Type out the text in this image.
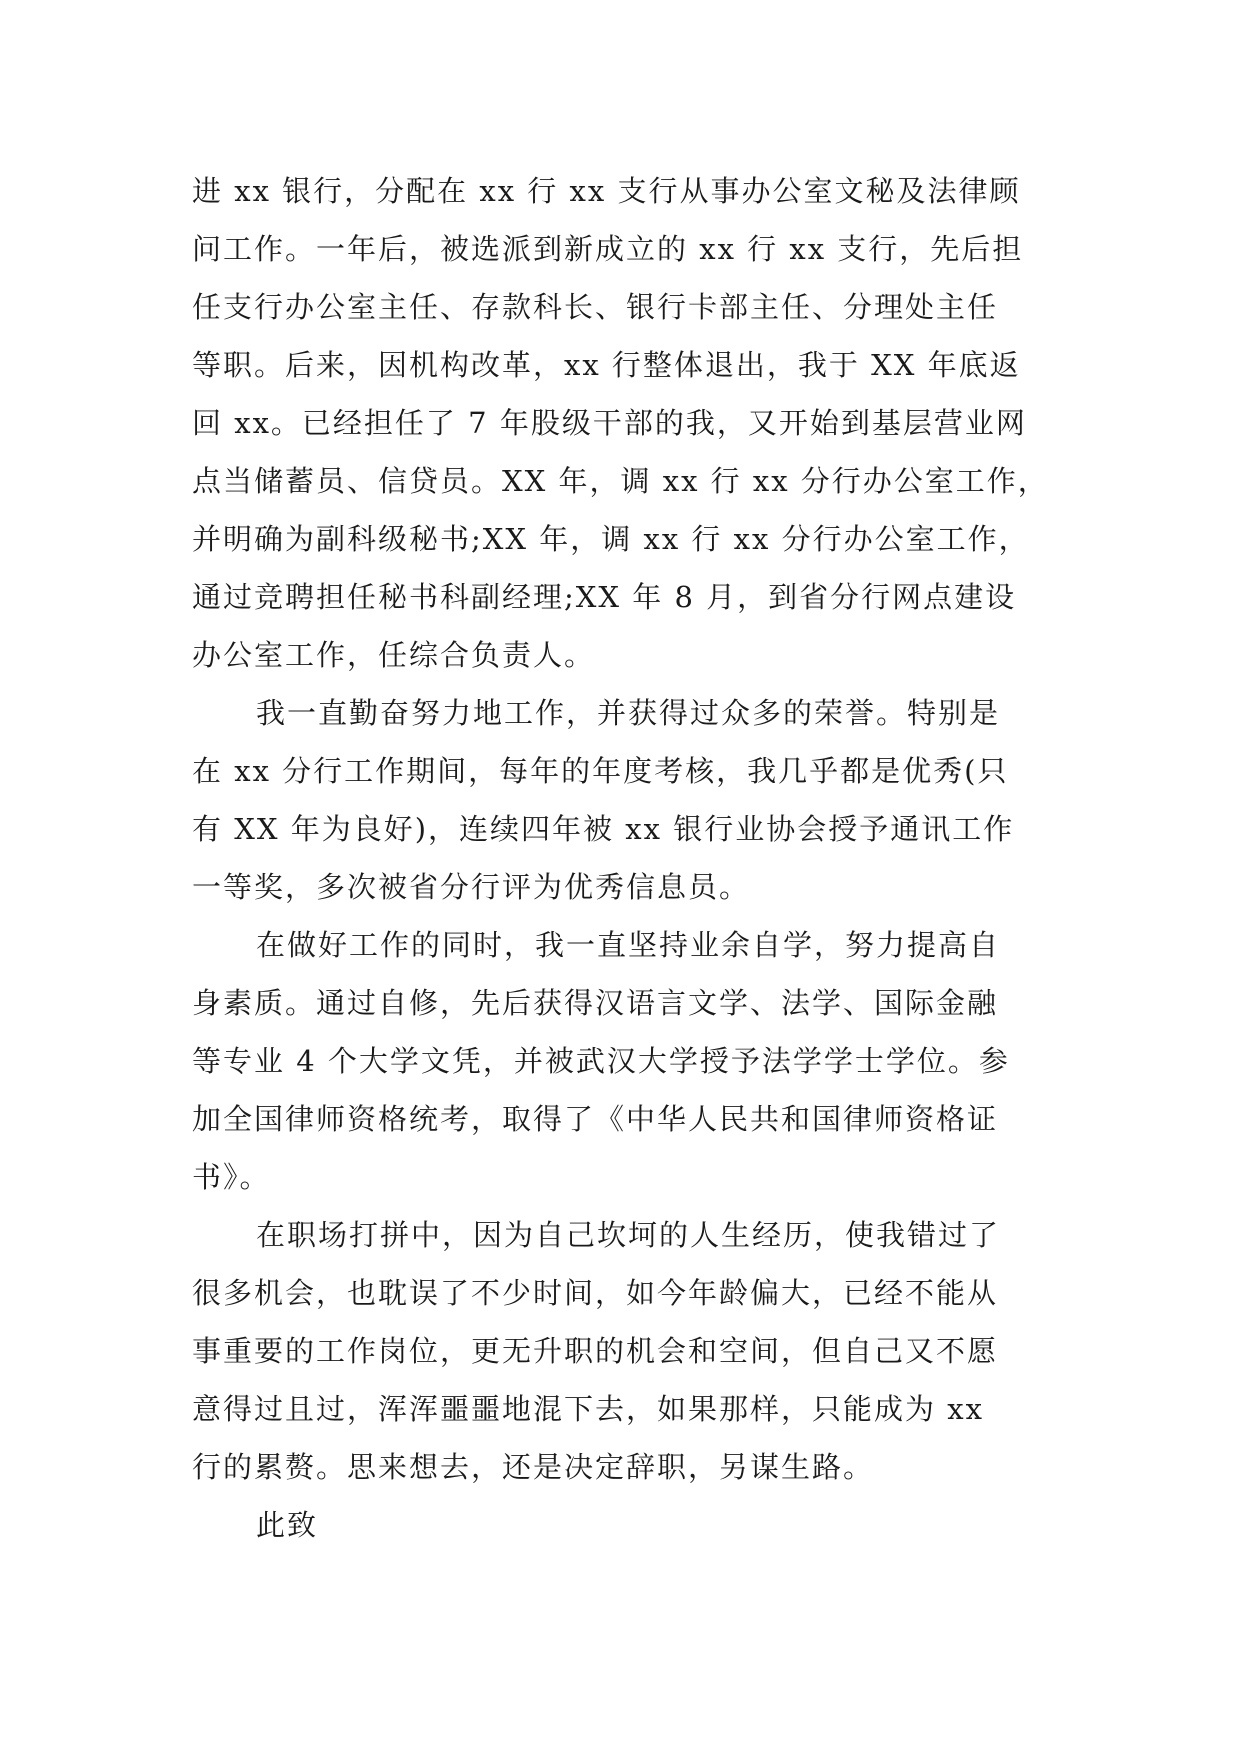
进 xx 银行，分配在 xx 行 xx 支行从事办公室文秘及法律顾
问工作。一年后，被选派到新成立的 xx 行 xx 支行，先后担
任支行办公室主任、存款科长、银行卡部主任、分理处主任
等职。后来，因机构改革，xx 行整体退出，我于 XX 年底返
回 xx。已经担任了 7 年股级干部的我，又开始到基层营业网
点当储蓄员、信贷员。XX 年，调 xx 行 xx 分行办公室工作，
并明确为副科级秘书;XX 年，调 xx 行 xx 分行办公室工作，
通过竞聘担任秘书科副经理;XX 年 8 月，到省分行网点建设
办公室工作，任综合负责人。
我一直勤奋努力地工作，并获得过众多的荣誉。特别是
在 xx 分行工作期间，每年的年度考核，我几乎都是优秀(只
有 XX 年为良好)，连续四年被 xx 银行业协会授予通讯工作
一等奖，多次被省分行评为优秀信息员。
在做好工作的同时，我一直坚持业余自学，努力提高自
身素质。通过自修，先后获得汉语言文学、法学、国际金融
等专业 4 个大学文凭，并被武汉大学授予法学学士学位。参
加全国律师资格统考，取得了《中华人民共和国律师资格证
书》。
在职场打拼中，因为自己坎坷的人生经历，使我错过了
很多机会，也耽误了不少时间，如今年龄偏大，已经不能从
事重要的工作岗位，更无升职的机会和空间，但自己又不愿
意得过且过，浑浑噩噩地混下去，如果那样，只能成为 xx
行的累赘。思来想去，还是决定辞职，另谋生路。
此致
